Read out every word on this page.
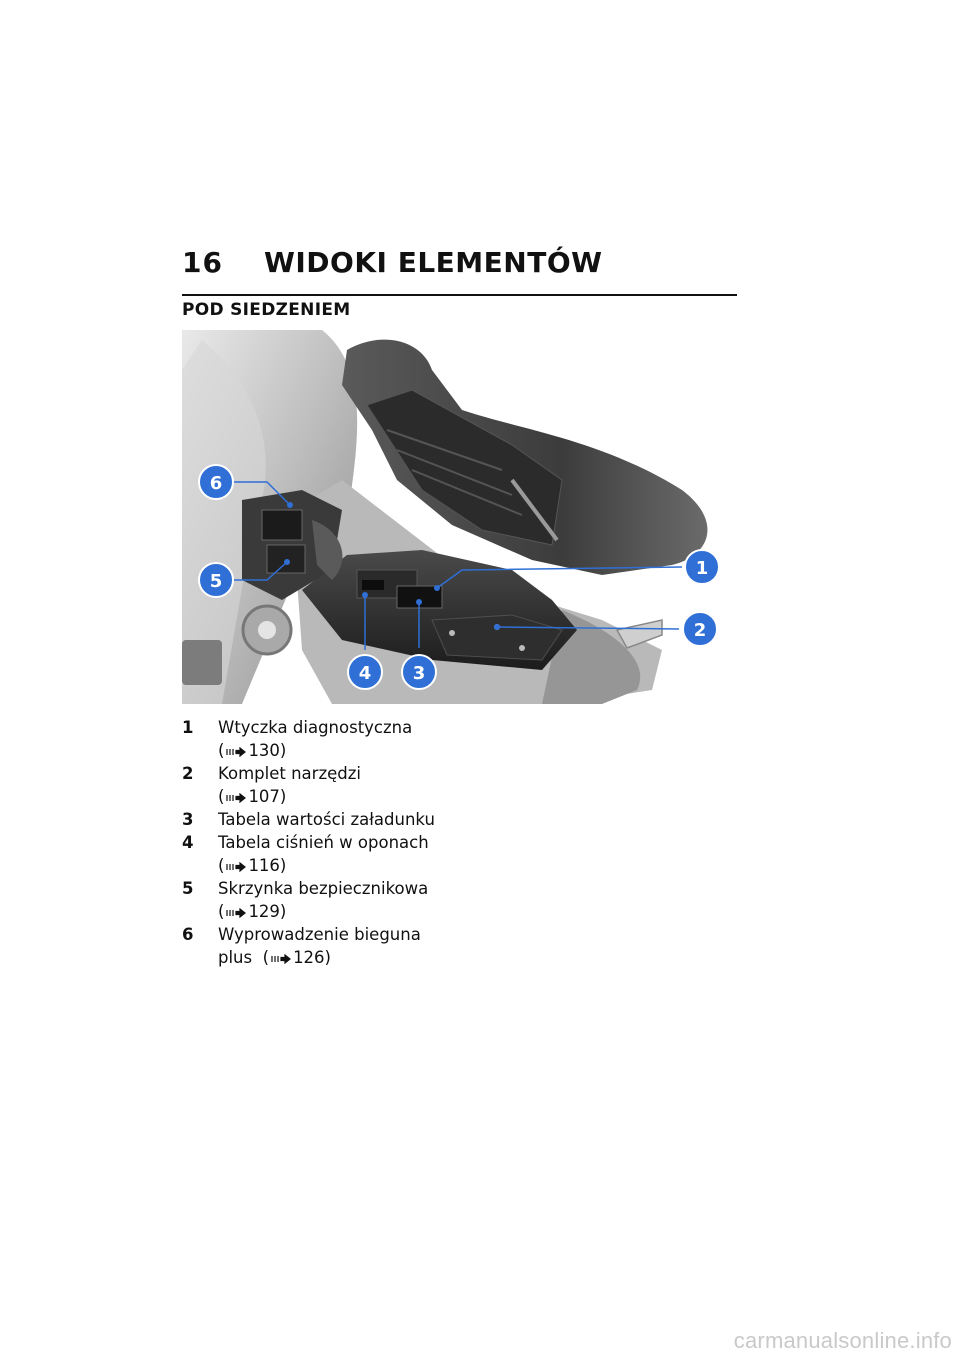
16	WIDOKI ELEMENTÓW
POD SIEDZENIEM
6
5
1
2
4 3
1	Wtyczka diagnostyczna
( 130)
2	Komplet narzędzi
( 107)
3	Tabela wartości załadunku
4	Tabela ciśnień w oponach
( 116)
5	Skrzynka bezpiecznikowa
( 129)
6	Wyprowadzenie bieguna
plus ( 126)
carmanualsonline.info
